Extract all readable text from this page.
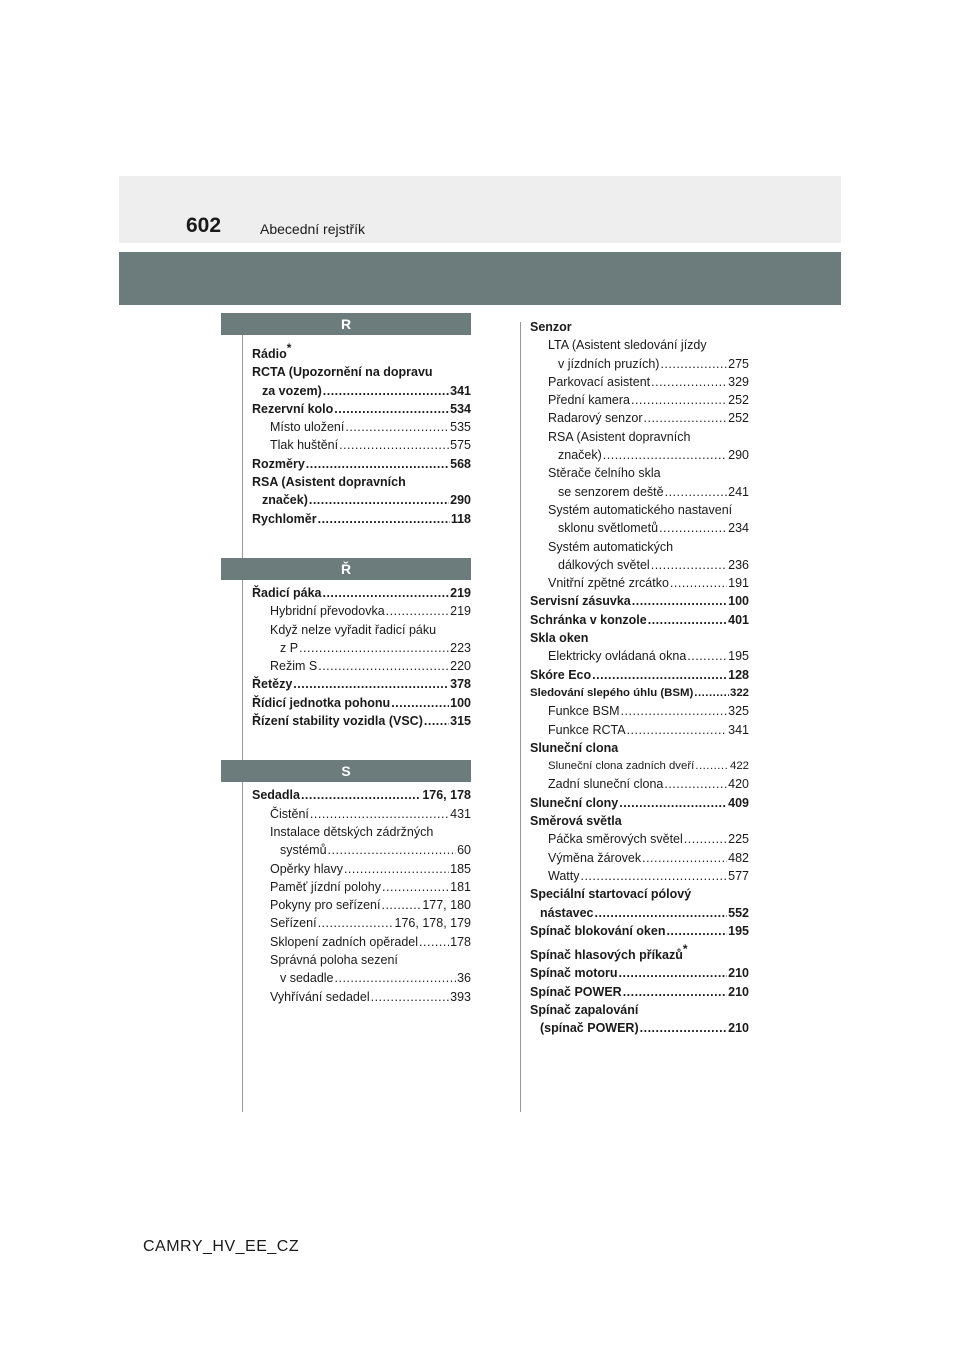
602	Abecední rejstřík
R
Rádio*
RCTA (Upozornění na dopravu
za vozem) .....	341
Rezervní kolo .....	534
Místo uložení .....	535
Tlak huštění .....	575
Rozměry .....	568
RSA (Asistent dopravních
značek) .....	290
Rychloměr .....	118
Ř
Řadicí páka .....	219
Hybridní převodovka .....	219
Když nelze vyřadit řadicí páku
z P .....	223
Režim S .....	220
Řetězy .....	378
Řídicí jednotka pohonu .....	100
Řízení stability vozidla (VSC) ..... 315
S
Sedadla .....	176, 178
Čistění .....	431
Instalace dětských zádržných
systémů .....	60
Opěrky hlavy .....	185
Paměť jízdní polohy .....	181
Pokyny pro seřízení .....	177, 180
Seřízení .....	176, 178, 179
Sklopení zadních opěradel .....	178
Správná poloha sezení
v sedadle .....	36
Vyhřívání sedadel .....	393
Senzor
LTA (Asistent sledování jízdy
v jízdních pruzích) .....	275
Parkovací asistent .....	329
Přední kamera .....	252
Radarový senzor .....	252
RSA (Asistent dopravních
značek) .....	290
Stěrače čelního skla
se senzorem deště .....	241
Systém automatického nastavení
sklonu světlometů .....	234
Systém automatických
dálkových světel .....	236
Vnitřní zpětné zrcátko .....	191
Servisní zásuvka .....	100
Schránka v konzole .....	401
Skla oken
Elektricky ovládaná okna .....	195
Skóre Eco .....	128
Sledování slepého úhlu (BSM) .....	322
Funkce BSM .....	325
Funkce RCTA .....	341
Sluneční clona
Sluneční clona zadních dveří .....	422
Zadní sluneční clona .....	420
Sluneční clony .....	409
Směrová světla
Páčka směrových světel .....	225
Výměna žárovek .....	482
Watty .....	577
Speciální startovací pólový
nástavec .....	552
Spínač blokování oken .....	195
Spínač hlasových příkazů*
Spínač motoru .....	210
Spínač POWER .....	210
Spínač zapalování
(spínač POWER) .....	210
CAMRY_HV_EE_CZ
